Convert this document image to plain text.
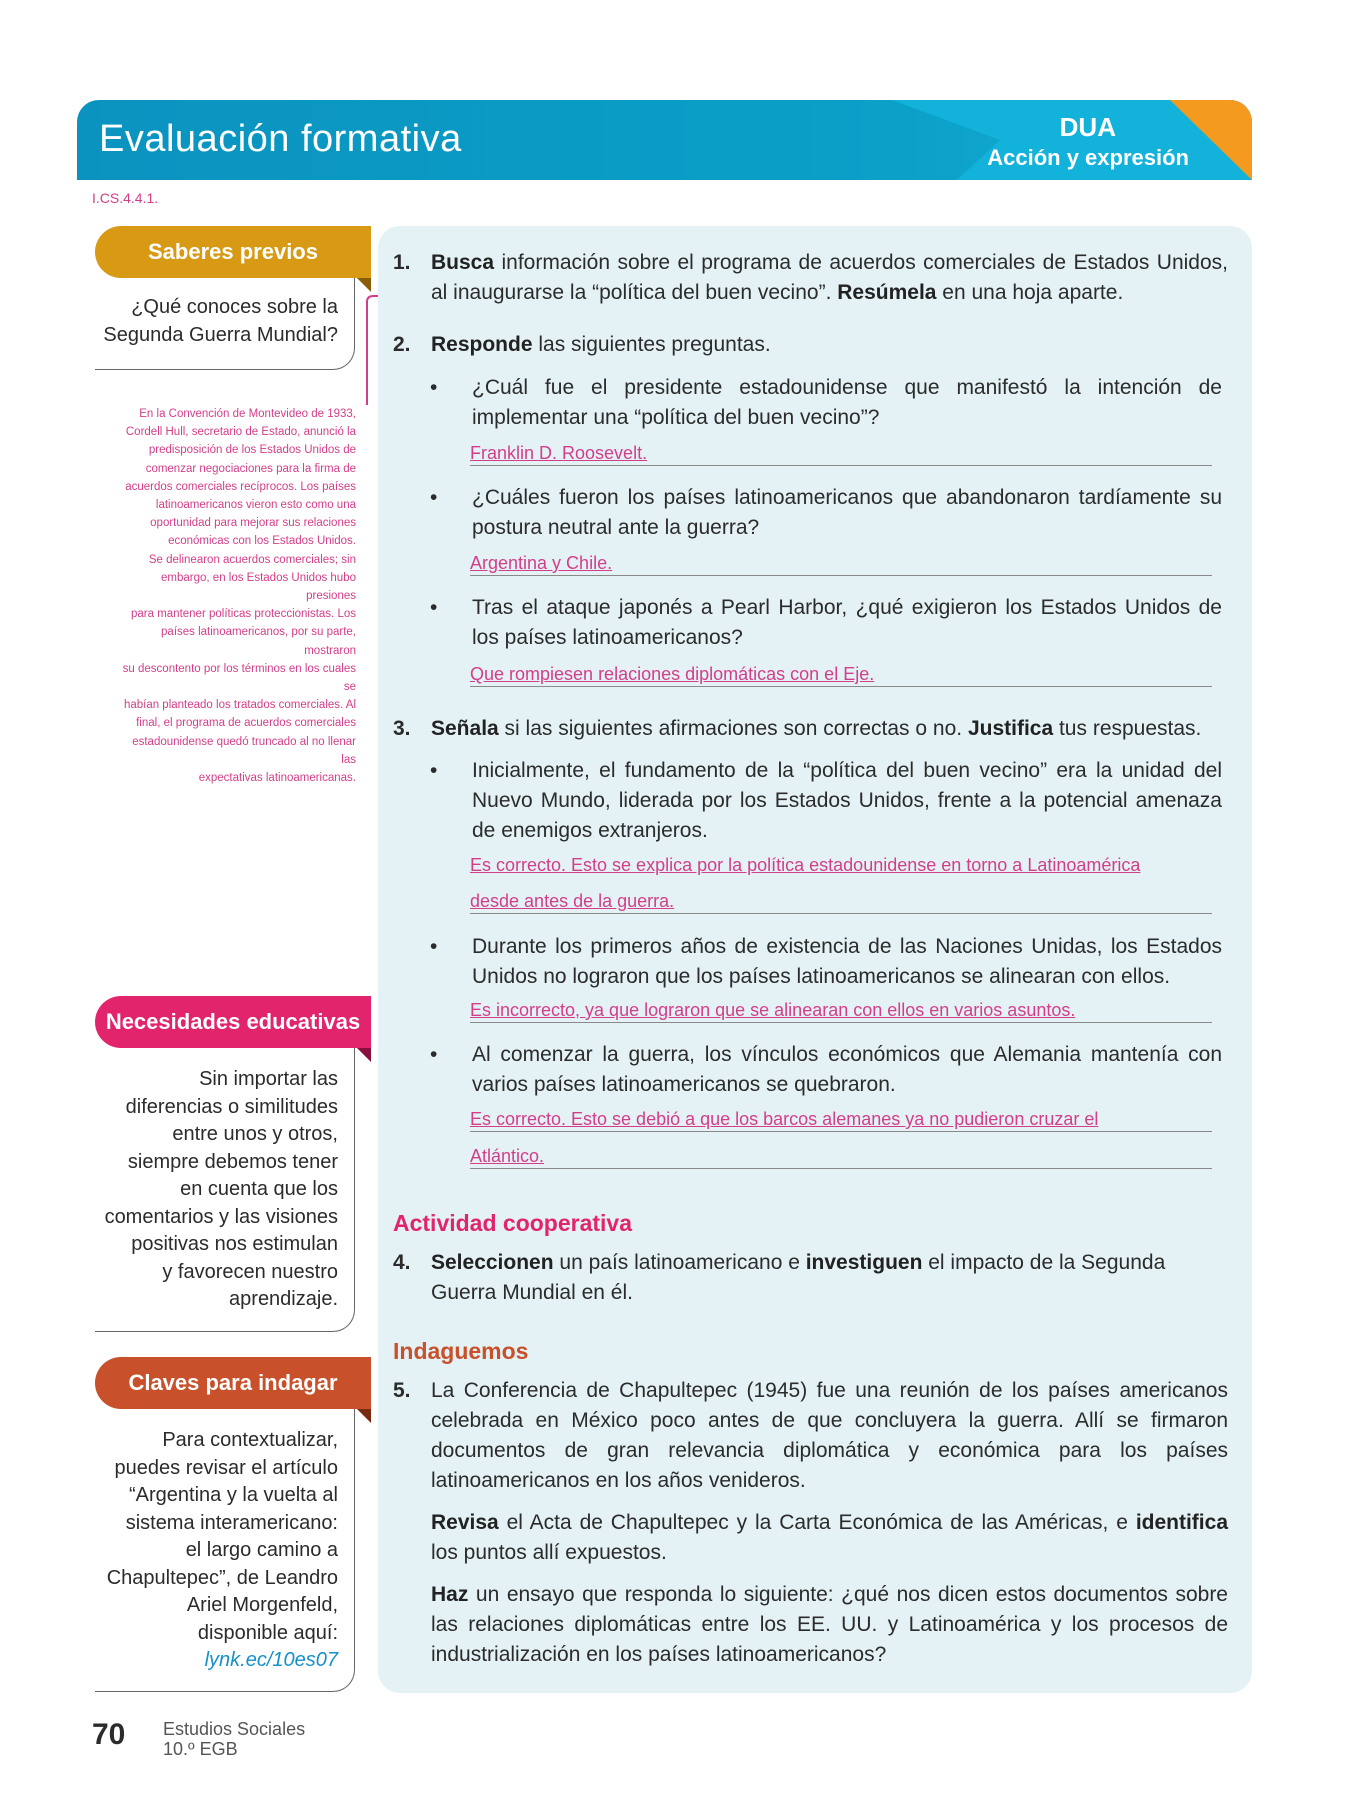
Evaluación formativa	DUA
Acción y expresión
I.CS.4.4.1.
Saberes previos
¿Qué conoces sobre la
Segunda Guerra Mundial?
En la Convención de Montevideo de 1933,
Cordell Hull, secretario de Estado, anunció la
predisposición de los Estados Unidos de
comenzar negociaciones para la firma de
acuerdos comerciales recíprocos. Los países
latinoamericanos vieron esto como una
oportunidad para mejorar sus relaciones
económicas con los Estados Unidos.
Se delinearon acuerdos comerciales; sin
embargo, en los Estados Unidos hubo presiones
para mantener políticas proteccionistas. Los
países latinoamericanos, por su parte, mostraron
su descontento por los términos en los cuales se
habían planteado los tratados comerciales. Al
final, el programa de acuerdos comerciales
estadounidense quedó truncado al no llenar las
expectativas latinoamericanas.
Necesidades educativas
Sin importar las
diferencias o similitudes
entre unos y otros,
siempre debemos tener
en cuenta que los
comentarios y las visiones
positivas nos estimulan
y favorecen nuestro
aprendizaje.
Claves para indagar
Para contextualizar,
puedes revisar el artículo
“Argentina y la vuelta al
sistema interamericano:
el largo camino a
Chapultepec”, de Leandro
Ariel Morgenfeld,
disponible aquí:
lynk.ec/10es07
1. Busca información sobre el programa de acuerdos comerciales de Estados Unidos, al inaugurarse la “política del buen vecino”. Resúmela en una hoja aparte.
2. Responde las siguientes preguntas.
• ¿Cuál fue el presidente estadounidense que manifestó la intención de implementar una “política del buen vecino”?
Franklin D. Roosevelt.
• ¿Cuáles fueron los países latinoamericanos que abandonaron tardíamente su postura neutral ante la guerra?
Argentina y Chile.
• Tras el ataque japonés a Pearl Harbor, ¿qué exigieron los Estados Unidos de los países latinoamericanos?
Que rompiesen relaciones diplomáticas con el Eje.
3. Señala si las siguientes afirmaciones son correctas o no. Justifica tus respuestas.
• Inicialmente, el fundamento de la “política del buen vecino” era la unidad del Nuevo Mundo, liderada por los Estados Unidos, frente a la potencial amenaza de enemigos extranjeros.
Es correcto. Esto se explica por la política estadounidense en torno a Latinoamérica
desde antes de la guerra.
• Durante los primeros años de existencia de las Naciones Unidas, los Estados Unidos no lograron que los países latinoamericanos se alinearan con ellos.
Es incorrecto, ya que lograron que se alinearan con ellos en varios asuntos.
• Al comenzar la guerra, los vínculos económicos que Alemania mantenía con varios países latinoamericanos se quebraron.
Es correcto. Esto se debió a que los barcos alemanes ya no pudieron cruzar el
Atlántico.
Actividad cooperativa
4. Seleccionen un país latinoamericano e investiguen el impacto de la Segunda Guerra Mundial en él.
Indaguemos
5. La Conferencia de Chapultepec (1945) fue una reunión de los países americanos celebrada en México poco antes de que concluyera la guerra. Allí se firmaron documentos de gran relevancia diplomática y económica para los países latinoamericanos en los años venideros.
Revisa el Acta de Chapultepec y la Carta Económica de las Américas, e identifica los puntos allí expuestos.
Haz un ensayo que responda lo siguiente: ¿qué nos dicen estos documentos sobre las relaciones diplomáticas entre los EE. UU. y Latinoamérica y los procesos de industrialización en los países latinoamericanos?
70 Estudios Sociales
10.º EGB
